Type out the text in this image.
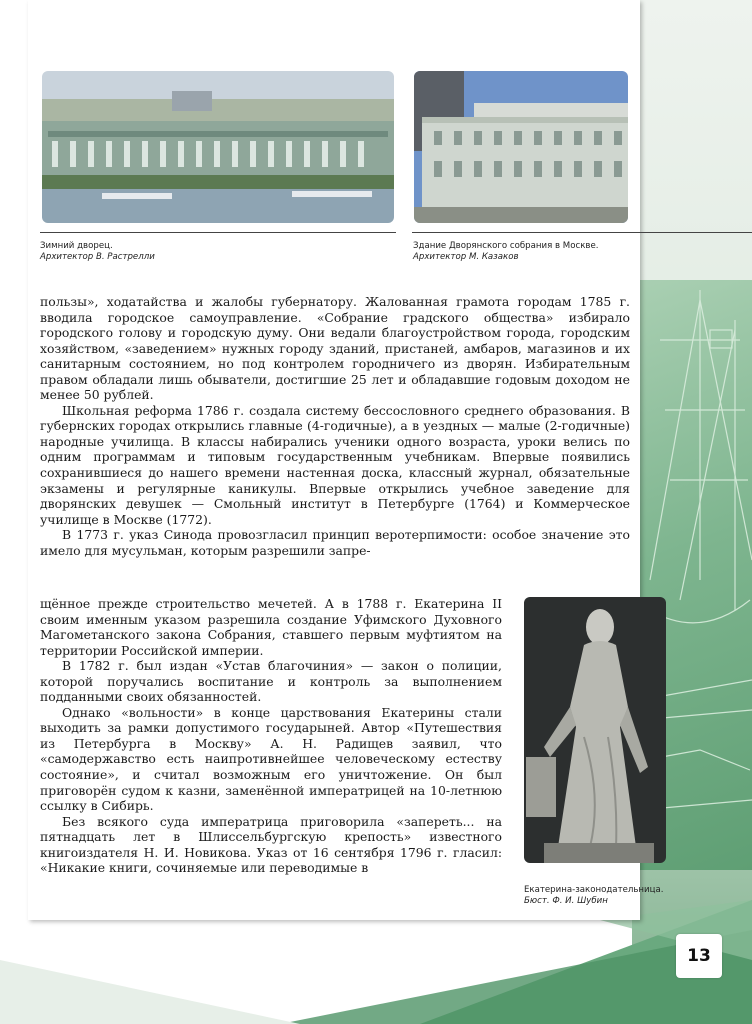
Зимний дворец.
Архитектор В. Растрелли
Здание Дворянского собрания в Москве.
Архитектор М. Казаков

пользы», ходатайства и жалобы губернатору. Жалованная грамота городам 1785 г. вводила городское самоуправление. «Собрание градского общества» избирало городского голову и городскую думу. Они ведали благоустройством города, городским хозяйством, «заведением» нужных городу зданий, пристаней, амбаров, магазинов и их санитарным состоянием, но под контролем городничего из дворян. Избирательным правом обладали лишь обыватели, достигшие 25 лет и обладавшие годовым доходом не менее 50 рублей.

Школьная реформа 1786 г. создала систему бессословного среднего образования. В губернских городах открылись главные (4-годичные), а в уездных — малые (2-годичные) народные училища. В классы набирались ученики одного возраста, уроки велись по одним программам и типовым государственным учебникам. Впервые появились сохранившиеся до нашего времени настенная доска, классный журнал, обязательные экзамены и регулярные каникулы. Впервые открылись учебное заведение для дворянских девушек — Смольный институт в Петербурге (1764) и Коммерческое училище в Москве (1772).

В 1773 г. указ Синода провозгласил принцип веротерпимости: особое значение это имело для мусульман, которым разрешили запре-

щённое прежде строительство мечетей. А в 1788 г. Екатерина II своим именным указом разрешила создание Уфимского Духовного Магометанского закона Собрания, ставшего первым муфтиятом на территории Российской империи.

В 1782 г. был издан «Устав благочиния» — закон о полиции, которой поручались воспитание и контроль за выполнением подданными своих обязанностей.

Однако «вольности» в конце царствования Екатерины стали выходить за рамки допустимого государыней. Автор «Путешествия из Петербурга в Москву» А. Н. Радищев заявил, что «самодержавство есть наипротивнейшее человеческому естеству состояние», и считал возможным его уничтожение. Он был приговорён судом к казни, заменённой императрицей на 10-летнюю ссылку в Сибирь.

Без всякого суда императрица приговорила «запереть... на пятнадцать лет в Шлиссельбургскую крепость» известного книгоиздателя Н. И. Новикова. Указ от 16 сентября 1796 г. гласил: «Никакие книги, сочиняемые или переводимые в

Екатерина-законодательница.
Бюст. Ф. И. Шубин
13
